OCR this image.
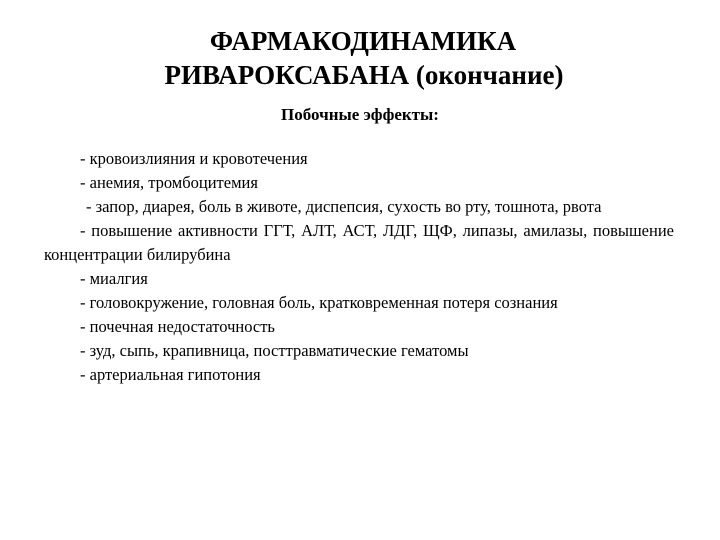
ФАРМАКОДИНАМИКА
РИВАРОКСАБАНА (окончание)
Побочные эффекты:
- кровоизлияния и кровотечения
- анемия, тромбоцитемия
- запор, диарея, боль в животе, диспепсия, сухость во рту, тошнота, рвота
- повышение активности ГГТ, АЛТ, АСТ, ЛДГ, ЩФ, липазы, амилазы, повышение концентрации билирубина
- миалгия
- головокружение, головная боль, кратковременная потеря сознания
- почечная недостаточность
- зуд, сыпь, крапивница, посттравматические гематомы
- артериальная гипотония
